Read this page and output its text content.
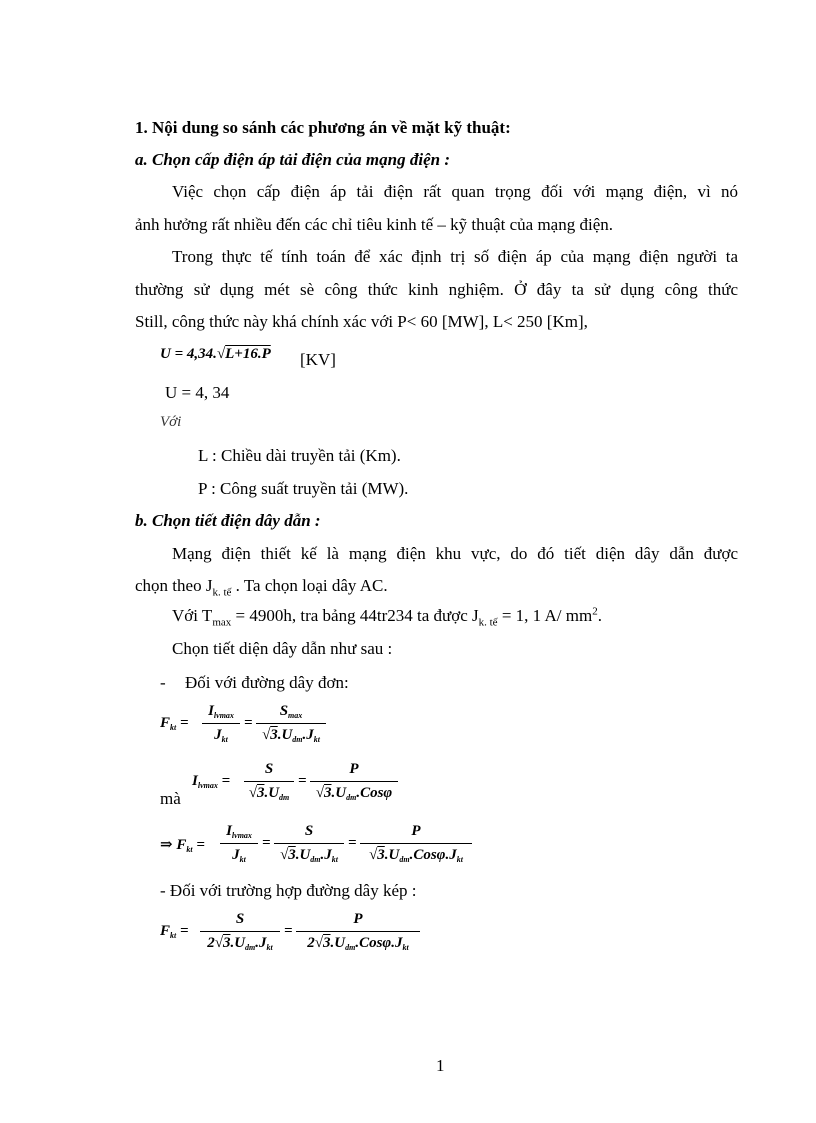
1. Nội dung so sánh các phương án về mặt kỹ thuật:
a. Chọn cấp điện áp tải điện của mạng điện :
Việc chọn cấp điện áp tải điện rất quan trọng đối với mạng điện, vì nó
ảnh hưởng rất nhiều đến các chỉ tiêu kinh tế – kỹ thuật của mạng điện.
Trong thực tế tính toán để xác định trị số điện áp của mạng điện người ta
thường sử dụng mét sè công thức kinh nghiệm. Ở đây ta sử dụng công thức
Still, công thức này khá chính xác với P< 60 [MW], L< 250 [Km],
U = 4,34.√L+16.P [KV]
U = 4, 34
Với
L : Chiều dài truyền tải (Km).
P : Công suất truyền tải (MW).
b. Chọn tiết điện dây dẫn :
Mạng điện thiết kế là mạng điện khu vực, do đó tiết diện dây dẫn được
chọn theo $J_{k. tế}$ . Ta chọn loại dây AC.
Với $T_{max} = 4900h$, tra bảng 44tr234 ta được $J_{k. tế} = 1$, 1 A/ $mm^2$.
Chọn tiết diện dây dẫn như sau :
- Đối với đường dây đơn:
$F_{kt}$ =
$I_{lvmax}$
$J_{kt}$
=
$S_{max}$
$√3.U_{dm}.J_{kt}$
mà
$I_{lvmax}$ =
S
$√3.U_{dm}$
=
P
$√3.U_{dm}.Cos\varphi$
⇒ $F_{kt}$ =
$I_{lvmax}$
$J_{kt}$
=
S
$√3.U_{dm}.J_{kt}$
=
P
$√3.U_{dm}.Cos\varphi.J_{kt}$
- Đối với trường hợp đường dây kép :
$F_{kt}$ =
S
$2√3.U_{dm}.J_{kt}$
=
P
$2√3.U_{dm}.Cos\varphi.J_{kt}$
1
